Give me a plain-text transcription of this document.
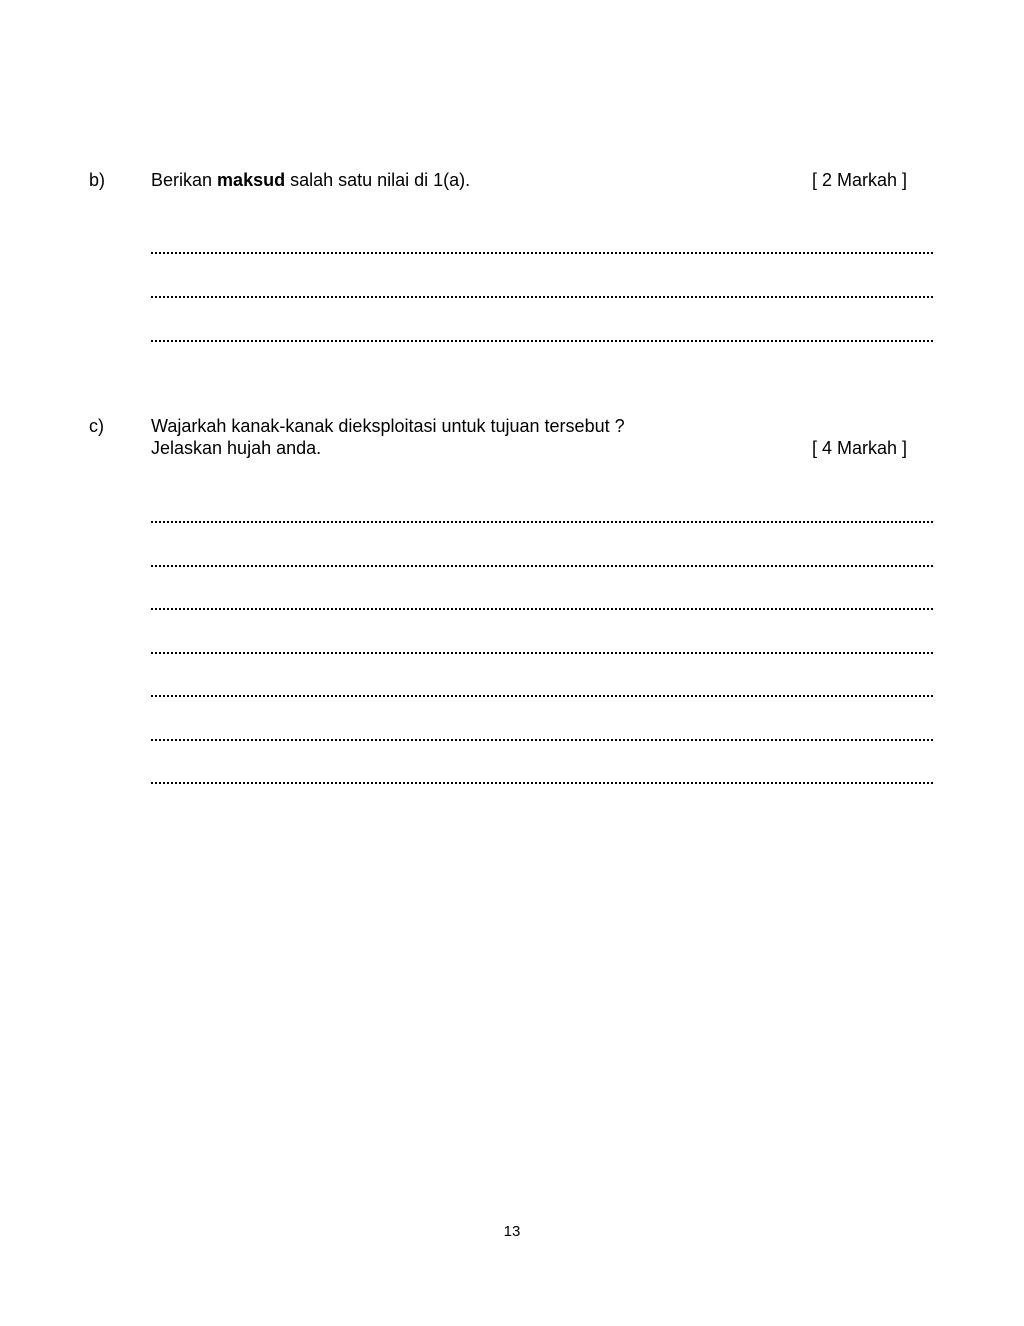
b)	Berikan maksud salah satu nilai di 1(a).	[ 2 Markah ]
c)	Wajarkah kanak-kanak dieksploitasi untuk tujuan tersebut ?
Jelaskan hujah anda.	[ 4 Markah ]
13
